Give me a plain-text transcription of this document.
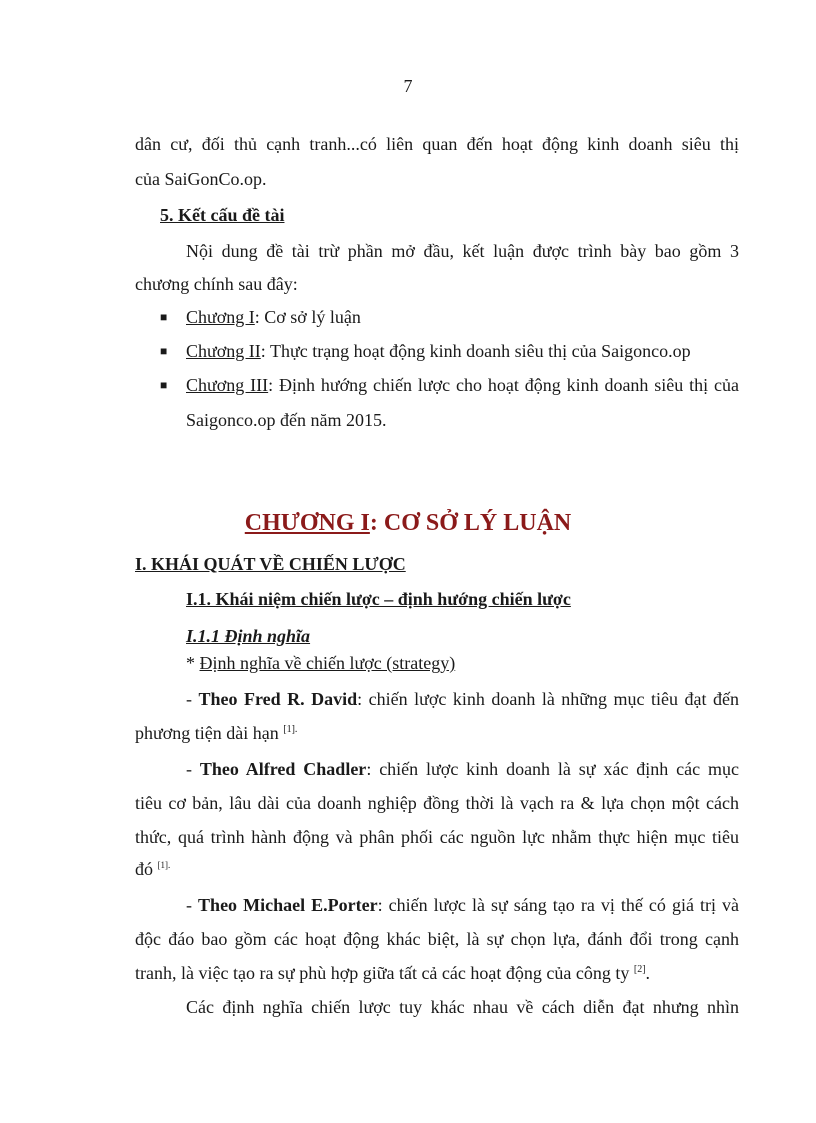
7
dân cư, đối thủ cạnh tranh...có liên quan đến hoạt động kinh doanh siêu thị
của SaiGonCo.op.
5. Kết cấu đề tài
Nội dung đề tài trừ phần mở đầu, kết luận được trình bày bao gồm 3
chương chính sau đây:
■ Chương I: Cơ sở lý luận
■ Chương II: Thực trạng hoạt động kinh doanh siêu thị của Saigonco.op
■ Chương III: Định hướng chiến lược cho hoạt động kinh doanh siêu thị của
Saigonco.op đến năm 2015.
CHƯƠNG I: CƠ SỞ LÝ LUẬN
I. KHÁI QUÁT VỀ CHIẾN LƯỢC
I.1. Khái niệm chiến lược – định hướng chiến lược
I.1.1 Định nghĩa
* Định nghĩa về chiến lược (strategy)
- Theo Fred R. David: chiến lược kinh doanh là những mục tiêu đạt đến
phương tiện dài hạn $^{[1].}$
- Theo Alfred Chadler: chiến lược kinh doanh là sự xác định các mục
tiêu cơ bản, lâu dài của doanh nghiệp đồng thời là vạch ra & lựa chọn một cách
thức, quá trình hành động và phân phối các nguồn lực nhằm thực hiện mục tiêu
đó $^{[1].}$
- Theo Michael E.Porter: chiến lược là sự sáng tạo ra vị thế có giá trị và
độc đáo bao gồm các hoạt động khác biệt, là sự chọn lựa, đánh đổi trong cạnh
tranh, là việc tạo ra sự phù hợp giữa tất cả các hoạt động của công ty [2].
Các định nghĩa chiến lược tuy khác nhau về cách diễn đạt nhưng nhìn
